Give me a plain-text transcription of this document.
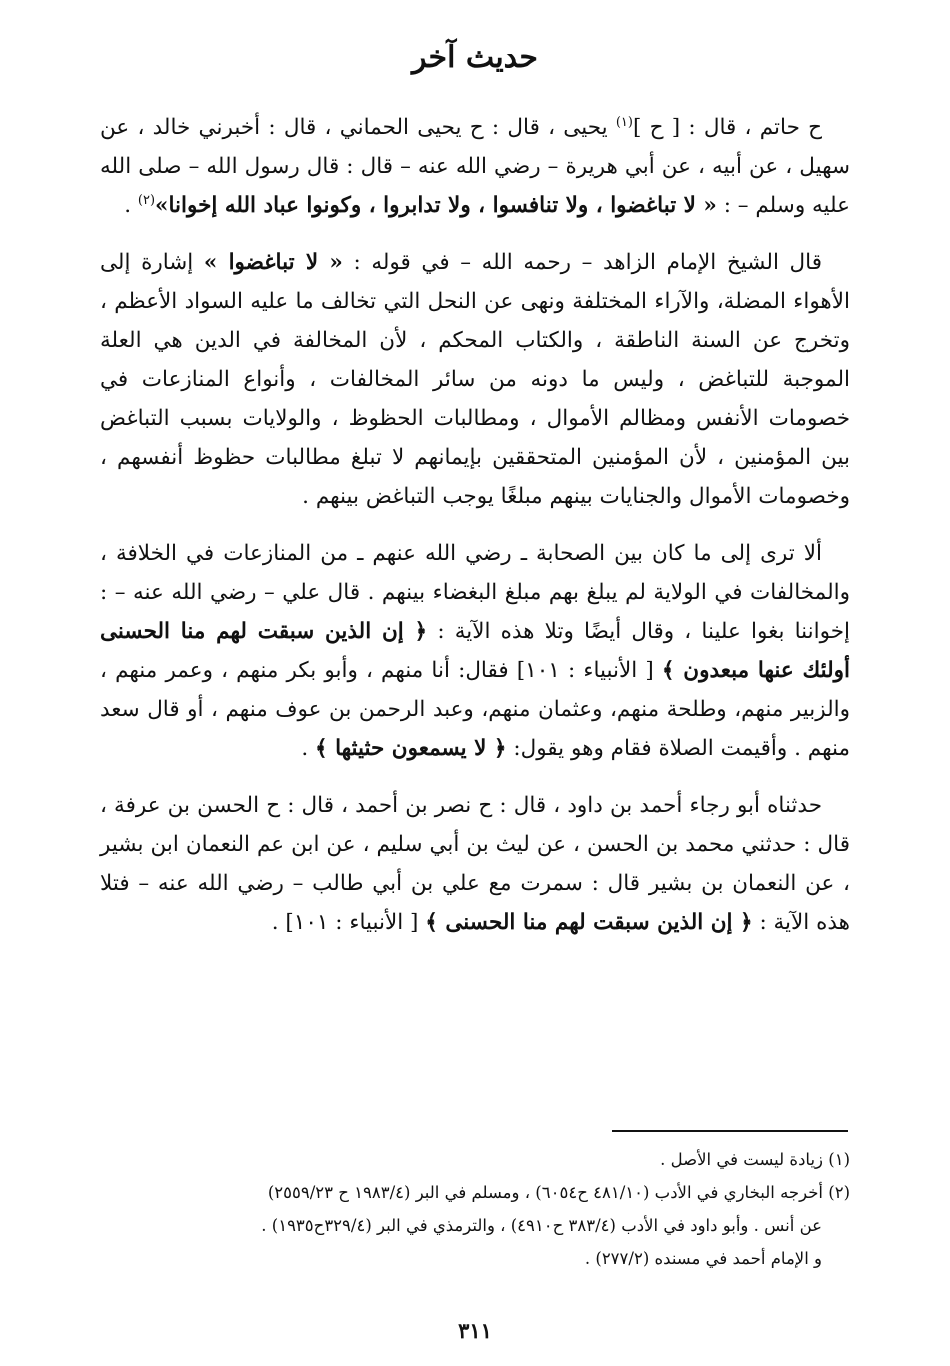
حديث آخر

ح حاتم ، قال : [ ح ]$^{(١)}$ يحيى ، قال : ح يحيى الحماني ، قال : أخبرني خالد ، عن سهيل ، عن أبيه ، عن أبي هريرة – رضي الله عنه – قال : قال رسول الله – صلى الله عليه وسلم – : « لا تباغضوا ، ولا تنافسوا ، ولا تدابروا ، وكونوا عباد الله إخوانا»$^{(٢)}$ .

قال الشيخ الإمام الزاهد – رحمه الله – في قوله : « لا تباغضوا » إشارة إلى الأهواء المضلة، والآراء المختلفة ونهى عن النحل التي تخالف ما عليه السواد الأعظم ، وتخرج عن السنة الناطقة ، والكتاب المحكم ، لأن المخالفة في الدين هي العلة الموجبة للتباغض ، وليس ما دونه من سائر المخالفات ، وأنواع المنازعات في خصومات الأنفس ومظالم الأموال ، ومطالبات الحظوظ ، والولايات بسبب التباغض بين المؤمنين ، لأن المؤمنين المتحققين بإيمانهم لا تبلغ مطالبات حظوظ أنفسهم ، وخصومات الأموال والجنايات بينهم مبلغًا يوجب التباغض بينهم .

ألا ترى إلى ما كان بين الصحابة ـ رضي الله عنهم ـ من المنازعات في الخلافة ، والمخالفات في الولاية لم يبلغ بهم مبلغ البغضاء بينهم . قال علي – رضي الله عنه – : إخواننا بغوا علينا ، وقال أيضًا وتلا هذه الآية : ﴿ إن الذين سبقت لهم منا الحسنى أولئك عنها مبعدون ﴾ [ الأنبياء : ١٠١] فقال: أنا منهم ، وأبو بكر منهم ، وعمر منهم ، والزبير منهم، وطلحة منهم، وعثمان منهم، وعبد الرحمن بن عوف منهم ، أو قال سعد منهم . وأقيمت الصلاة فقام وهو يقول: ﴿ لا يسمعون حثيثها ﴾ .

حدثناه أبو رجاء أحمد بن داود ، قال : ح نصر بن أحمد ، قال : ح الحسن بن عرفة ، قال : حدثني محمد بن الحسن ، عن ليث بن أبي سليم ، عن ابن عم النعمان ابن بشير ، عن النعمان بن بشير قال : سمرت مع علي بن أبي طالب – رضي الله عنه – فتلا هذه الآية : ﴿ إن الذين سبقت لهم منا الحسنى ﴾ [ الأنبياء : ١٠١] .

(١) زيادة ليست في الأصل .

(٢) أخرجه البخاري في الأدب (٤٨١/١٠ ح٦٠٥٤) ، ومسلم في البر (١٩٨٣/٤ ح ٢٥٥٩/٢٣)

عن أنس . وأبو داود في الأدب (٣٨٣/٤ ح٤٩١٠) ، والترمذي في البر (٣٢٩/٤ح١٩٣٥) .

و الإمام أحمد في مسنده (٢٧٧/٢) .

٣١١
